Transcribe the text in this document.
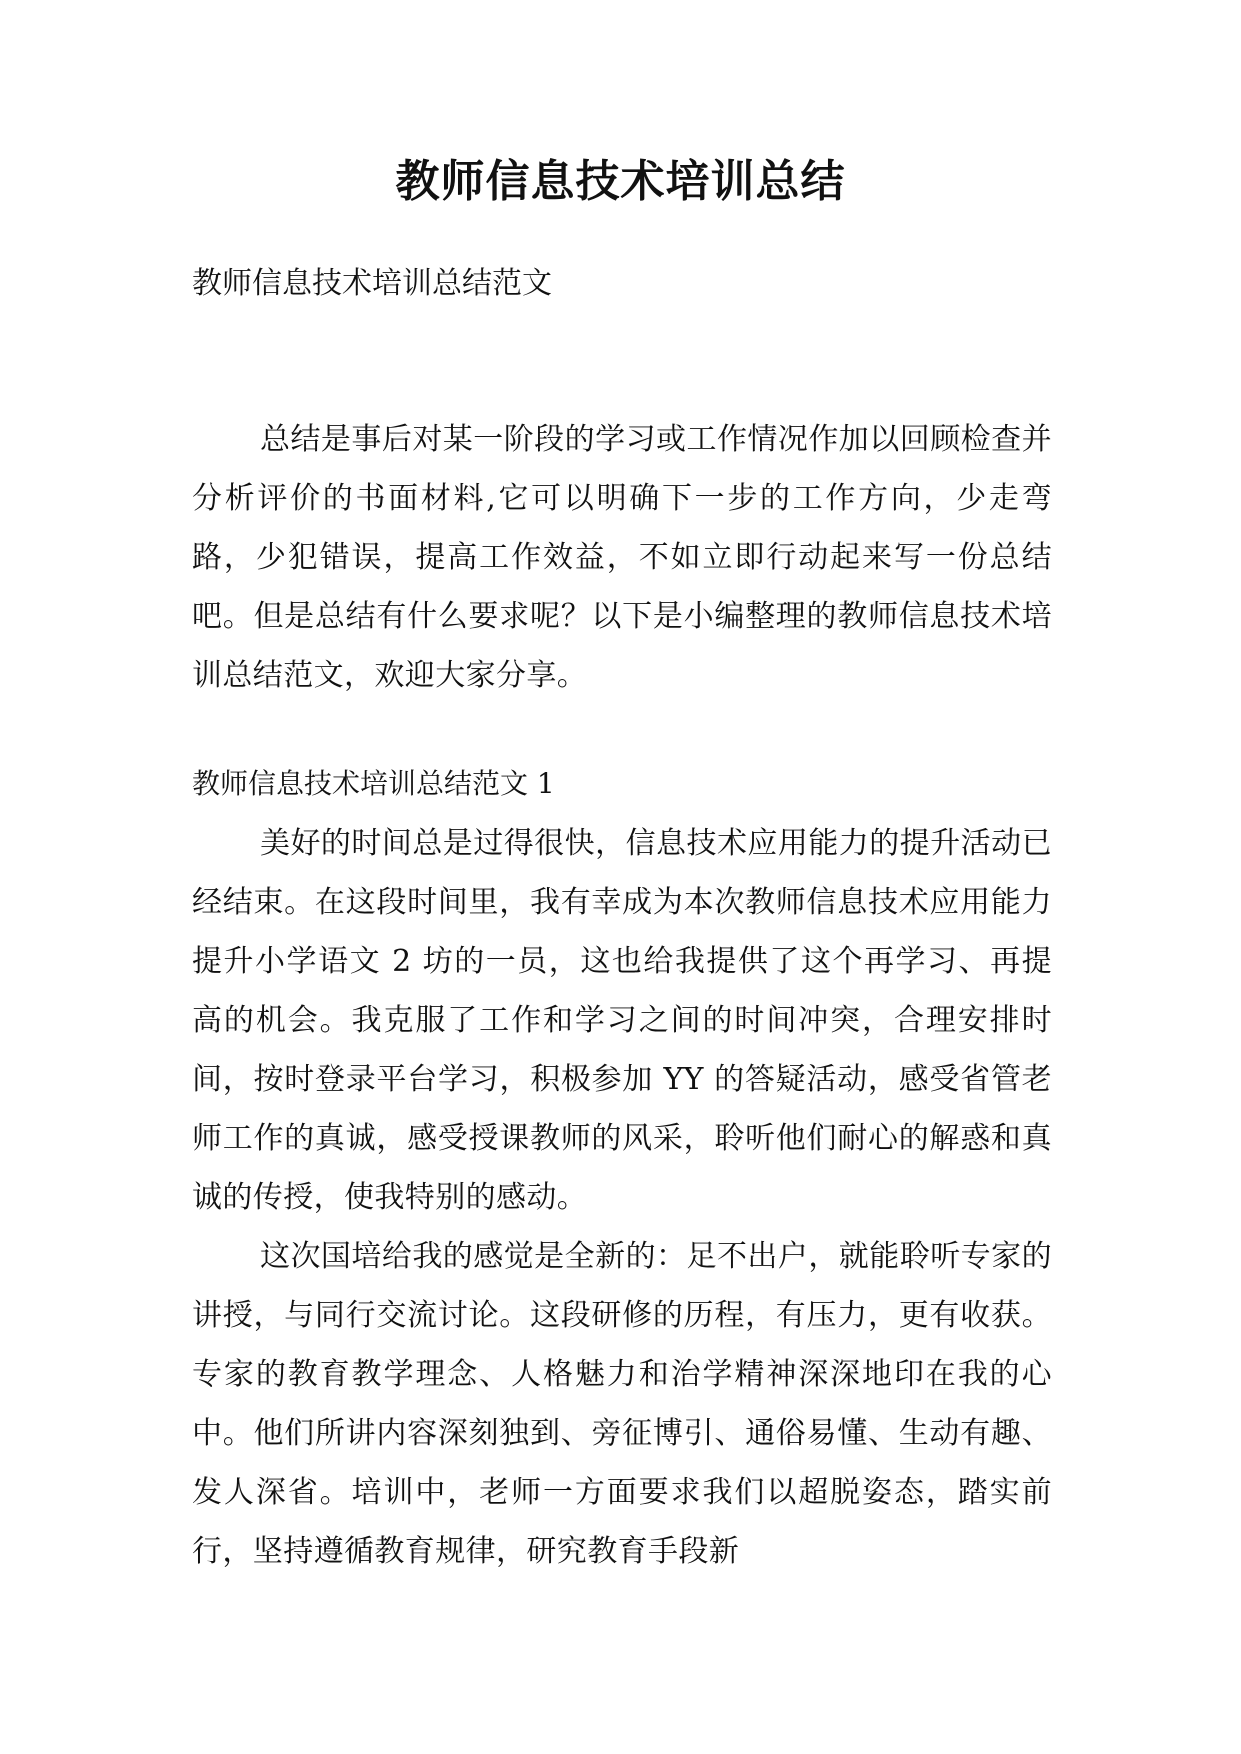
教师信息技术培训总结

教师信息技术培训总结范文

总结是事后对某一阶段的学习或工作情况作加以回顾检查并分析评价的书面材料,它可以明确下一步的工作方向，少走弯路，少犯错误，提高工作效益，不如立即行动起来写一份总结吧。但是总结有什么要求呢？以下是小编整理的教师信息技术培训总结范文，欢迎大家分享。

教师信息技术培训总结范文 1

美好的时间总是过得很快，信息技术应用能力的提升活动已经结束。在这段时间里，我有幸成为本次教师信息技术应用能力提升小学语文 2 坊的一员，这也给我提供了这个再学习、再提高的机会。我克服了工作和学习之间的时间冲突，合理安排时间，按时登录平台学习，积极参加 YY 的答疑活动，感受省管老师工作的真诚，感受授课教师的风采，聆听他们耐心的解惑和真诚的传授，使我特别的感动。

这次国培给我的感觉是全新的：足不出户，就能聆听专家的讲授，与同行交流讨论。这段研修的历程，有压力，更有收获。专家的教育教学理念、人格魅力和治学精神深深地印在我的心中。他们所讲内容深刻独到、旁征博引、通俗易懂、生动有趣、发人深省。培训中，老师一方面要求我们以超脱姿态，踏实前行，坚持遵循教育规律，研究教育手段新
